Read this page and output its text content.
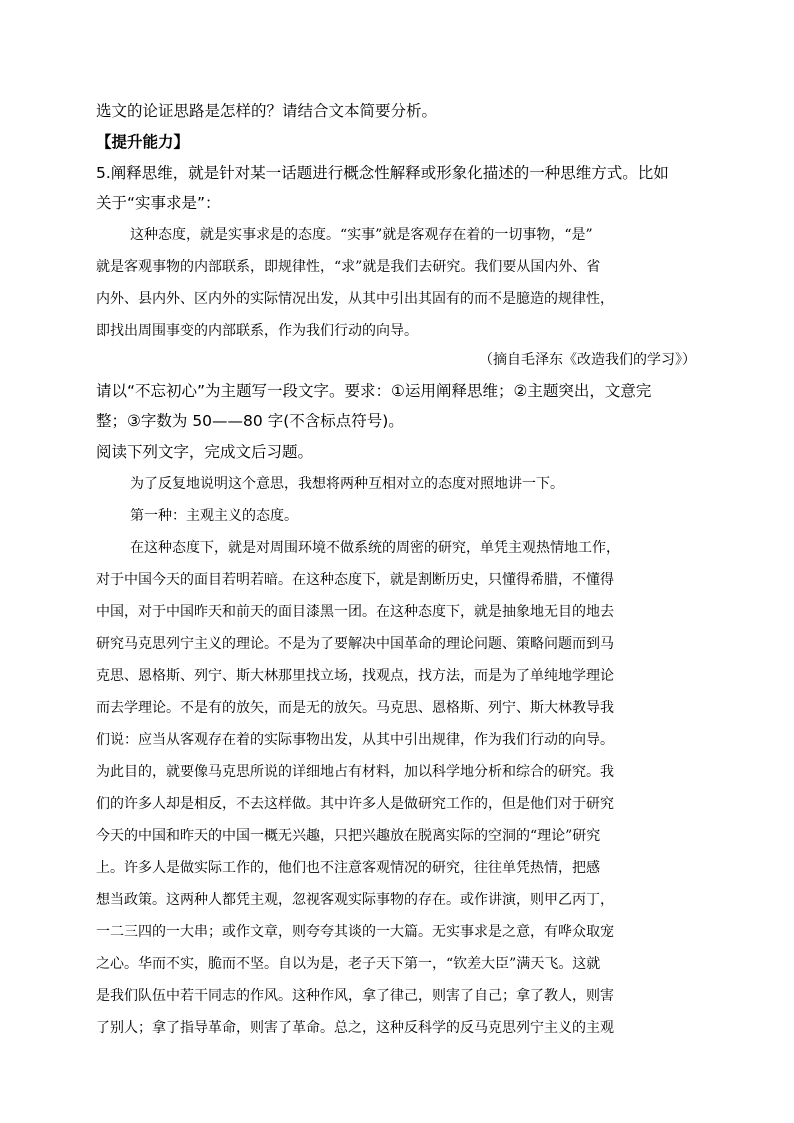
选文的论证思路是怎样的？请结合文本简要分析。
【提升能力】
5.阐释思维，就是针对某一话题进行概念性解释或形象化描述的一种思维方式。比如
关于“实事求是”：
这种态度，就是实事求是的态度。“实事”就是客观存在着的一切事物，“是”
就是客观事物的内部联系，即规律性，“求”就是我们去研究。我们要从国内外、省
内外、县内外、区内外的实际情况出发，从其中引出其固有的而不是臆造的规律性，
即找出周围事变的内部联系，作为我们行动的向导。
（摘自毛泽东《改造我们的学习》）
请以“不忘初心”为主题写一段文字。要求：①运用阐释思维；②主题突出，文意完
整；③字数为 50——80 字(不含标点符号)。
阅读下列文字，完成文后习题。
为了反复地说明这个意思，我想将两种互相对立的态度对照地讲一下。
第一种：主观主义的态度。
在这种态度下，就是对周围环境不做系统的周密的研究，单凭主观热情地工作，
对于中国今天的面目若明若暗。在这种态度下，就是割断历史，只懂得希腊，不懂得
中国，对于中国昨天和前天的面目漆黑一团。在这种态度下，就是抽象地无目的地去
研究马克思列宁主义的理论。不是为了要解决中国革命的理论问题、策略问题而到马
克思、恩格斯、列宁、斯大林那里找立场，找观点，找方法，而是为了单纯地学理论
而去学理论。不是有的放矢，而是无的放矢。马克思、恩格斯、列宁、斯大林教导我
们说：应当从客观存在着的实际事物出发，从其中引出规律，作为我们行动的向导。
为此目的，就要像马克思所说的详细地占有材料，加以科学地分析和综合的研究。我
们的许多人却是相反，不去这样做。其中许多人是做研究工作的，但是他们对于研究
今天的中国和昨天的中国一概无兴趣，只把兴趣放在脱离实际的空洞的“理论”研究
上。许多人是做实际工作的，他们也不注意客观情况的研究，往往单凭热情，把感
想当政策。这两种人都凭主观，忽视客观实际事物的存在。或作讲演，则甲乙丙丁，
一二三四的一大串；或作文章，则夸夸其谈的一大篇。无实事求是之意，有哗众取宠
之心。华而不实，脆而不坚。自以为是，老子天下第一，“钦差大臣”满天飞。这就
是我们队伍中若干同志的作风。这种作风，拿了律己，则害了自己；拿了教人，则害
了别人；拿了指导革命，则害了革命。总之，这种反科学的反马克思列宁主义的主观
